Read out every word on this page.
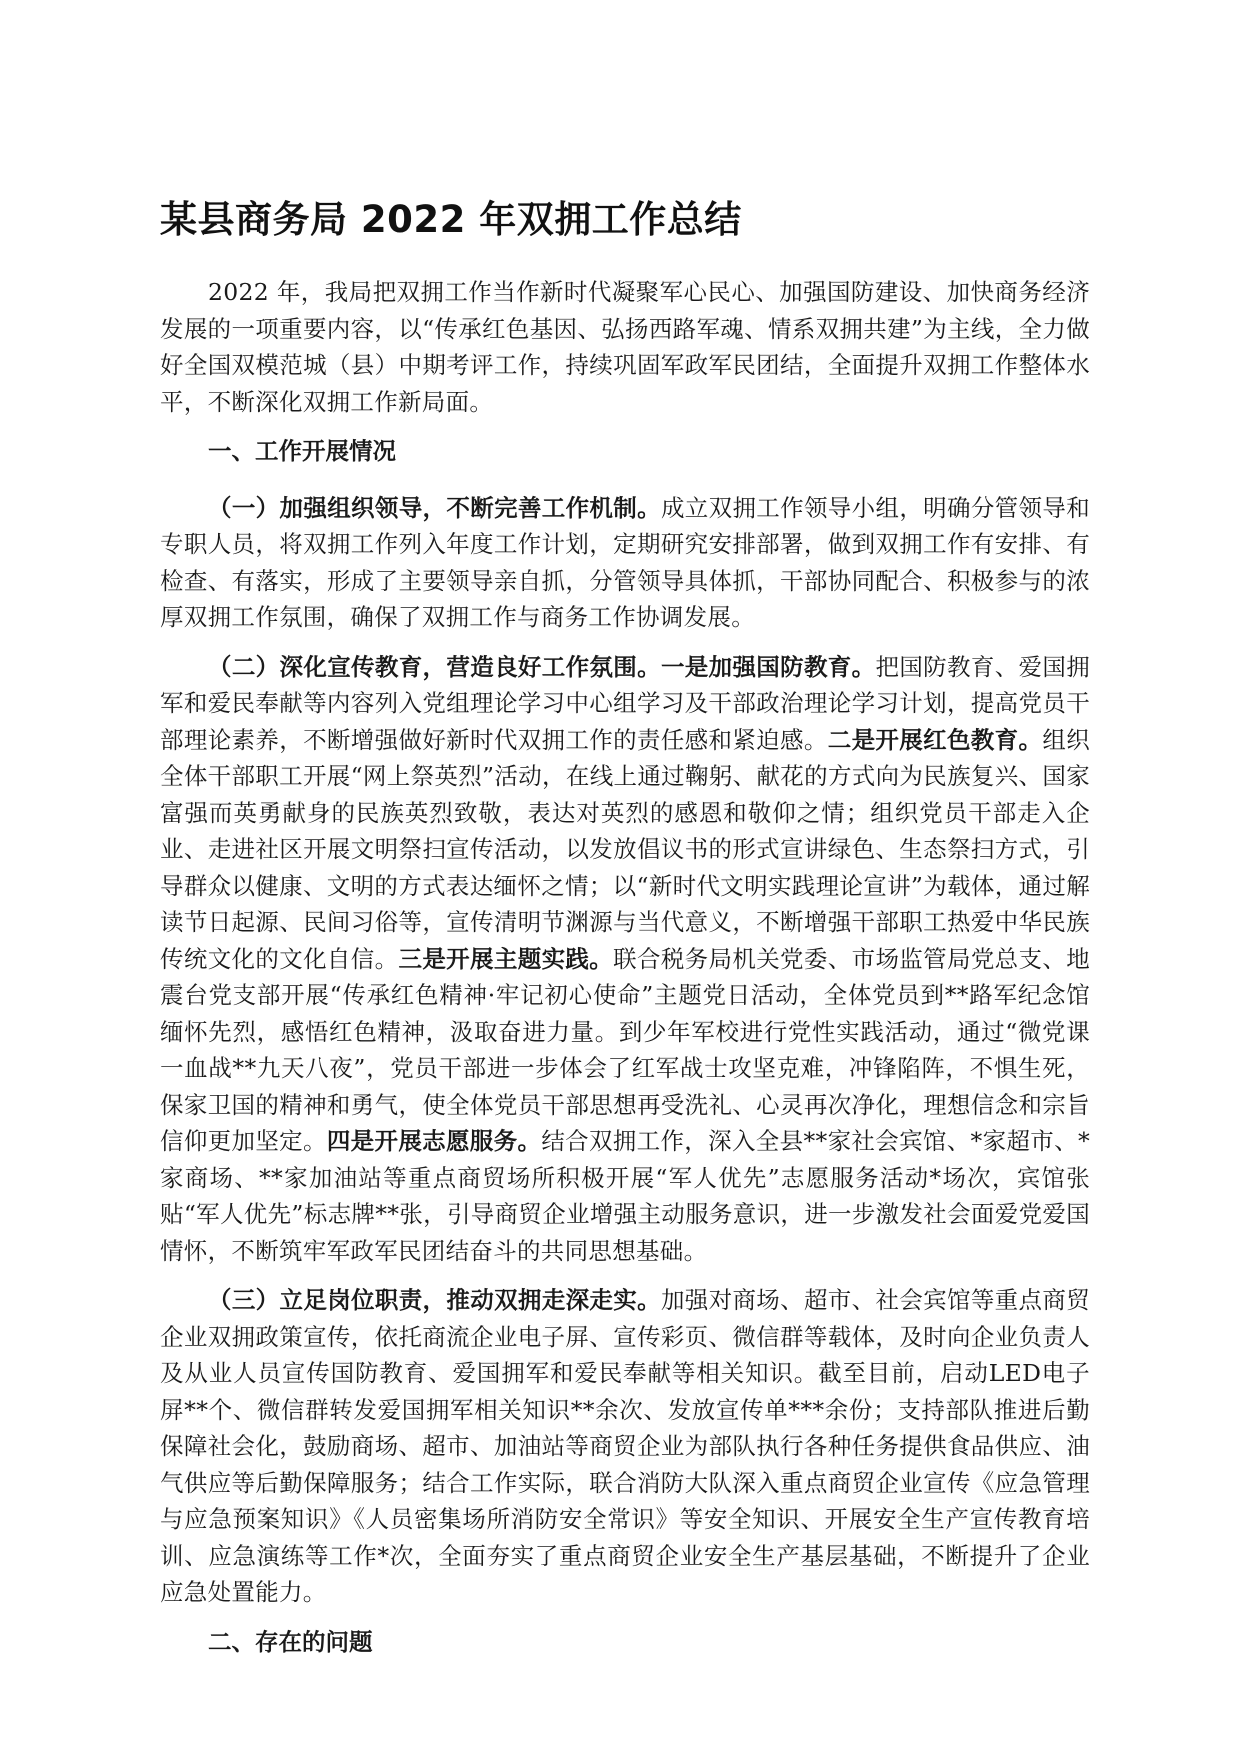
某县商务局 2022 年双拥工作总结

2022 年，我局把双拥工作当作新时代凝聚军心民心、加强国防建设、加快商务经济发展的一项重要内容，以“传承红色基因、弘扬西路军魂、情系双拥共建”为主线，全力做好全国双模范城（县）中期考评工作，持续巩固军政军民团结，全面提升双拥工作整体水平，不断深化双拥工作新局面。

一、工作开展情况

（一）加强组织领导，不断完善工作机制。成立双拥工作领导小组，明确分管领导和专职人员，将双拥工作列入年度工作计划，定期研究安排部署，做到双拥工作有安排、有检查、有落实，形成了主要领导亲自抓，分管领导具体抓，干部协同配合、积极参与的浓厚双拥工作氛围，确保了双拥工作与商务工作协调发展。

（二）深化宣传教育，营造良好工作氛围。一是加强国防教育。把国防教育、爱国拥军和爱民奉献等内容列入党组理论学习中心组学习及干部政治理论学习计划，提高党员干部理论素养，不断增强做好新时代双拥工作的责任感和紧迫感。二是开展红色教育。组织全体干部职工开展“网上祭英烈”活动，在线上通过鞠躬、献花的方式向为民族复兴、国家富强而英勇献身的民族英烈致敬，表达对英烈的感恩和敬仰之情；组织党员干部走入企业、走进社区开展文明祭扫宣传活动，以发放倡议书的形式宣讲绿色、生态祭扫方式，引导群众以健康、文明的方式表达缅怀之情；以“新时代文明实践理论宣讲”为载体，通过解读节日起源、民间习俗等，宣传清明节渊源与当代意义，不断增强干部职工热爱中华民族传统文化的文化自信。三是开展主题实践。联合税务局机关党委、市场监管局党总支、地震台党支部开展“传承红色精神·牢记初心使命”主题党日活动，全体党员到**路军纪念馆缅怀先烈，感悟红色精神，汲取奋进力量。到少年军校进行党性实践活动，通过“微党课一血战**九天八夜”，党员干部进一步体会了红军战士攻坚克难，冲锋陷阵，不惧生死，保家卫国的精神和勇气，使全体党员干部思想再受洗礼、心灵再次净化，理想信念和宗旨信仰更加坚定。四是开展志愿服务。结合双拥工作，深入全县**家社会宾馆、*家超市、*家商场、**家加油站等重点商贸场所积极开展“军人优先”志愿服务活动*场次，宾馆张贴“军人优先”标志牌**张，引导商贸企业增强主动服务意识，进一步激发社会面爱党爱国情怀，不断筑牢军政军民团结奋斗的共同思想基础。

（三）立足岗位职责，推动双拥走深走实。加强对商场、超市、社会宾馆等重点商贸企业双拥政策宣传，依托商流企业电子屏、宣传彩页、微信群等载体，及时向企业负责人及从业人员宣传国防教育、爱国拥军和爱民奉献等相关知识。截至目前，启动LED电子屏**个、微信群转发爱国拥军相关知识**余次、发放宣传单***余份；支持部队推进后勤保障社会化，鼓励商场、超市、加油站等商贸企业为部队执行各种任务提供食品供应、油气供应等后勤保障服务；结合工作实际，联合消防大队深入重点商贸企业宣传《应急管理与应急预案知识》《人员密集场所消防安全常识》等安全知识、开展安全生产宣传教育培训、应急演练等工作*次，全面夯实了重点商贸企业安全生产基层基础，不断提升了企业应急处置能力。

二、存在的问题
